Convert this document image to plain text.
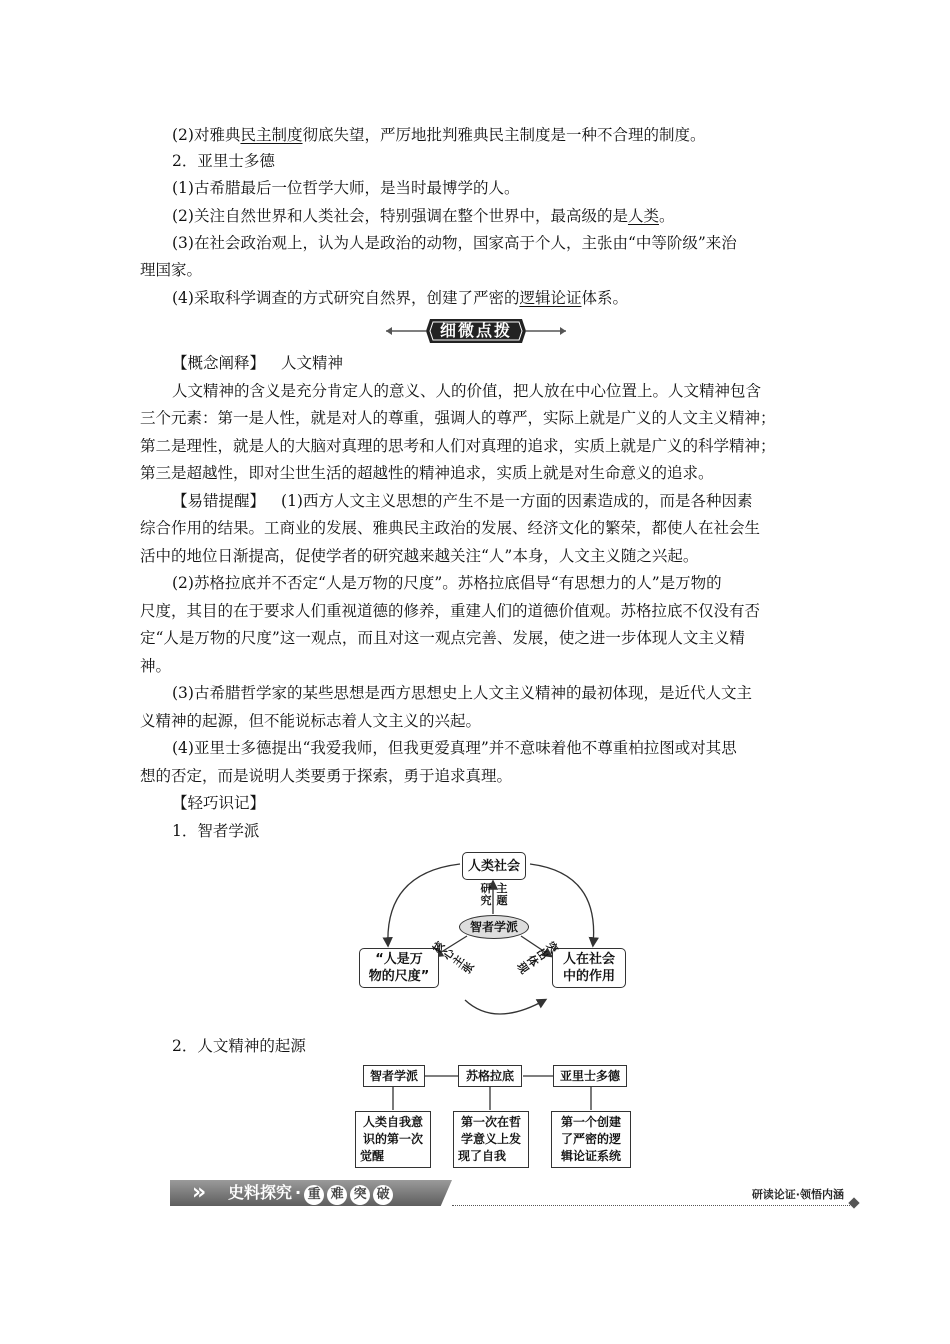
(2)对雅典民主制度彻底失望，严厉地批判雅典民主制度是一种不合理的制度。
2．亚里士多德
(1)古希腊最后一位哲学大师，是当时最博学的人。
(2)关注自然世界和人类社会，特别强调在整个世界中，最高级的是人类。
(3)在社会政治观上，认为人是政治的动物，国家高于个人，主张由“中等阶级”来治
理国家。
(4)采取科学调查的方式研究自然界，创建了严密的逻辑论证体系。
细微点拨
【概念阐释】 人文精神
人文精神的含义是充分肯定人的意义、人的价值，把人放在中心位置上。人文精神包含
三个元素：第一是人性，就是对人的尊重，强调人的尊严，实际上就是广义的人文主义精神；
第二是理性，就是人的大脑对真理的思考和人们对真理的追求，实质上就是广义的科学精神；
第三是超越性，即对尘世生活的超越性的精神追求，实质上就是对生命意义的追求。
【易错提醒】 (1)西方人文主义思想的产生不是一方面的因素造成的，而是各种因素
综合作用的结果。工商业的发展、雅典民主政治的发展、经济文化的繁荣，都使人在社会生
活中的地位日渐提高，促使学者的研究越来越关注“人”本身，人文主义随之兴起。
(2)苏格拉底并不否定“人是万物的尺度”。苏格拉底倡导“有思想力的人”是万物的
尺度，其目的在于要求人们重视道德的修养，重建人们的道德价值观。苏格拉底不仅没有否
定“人是万物的尺度”这一观点，而且对这一观点完善、发展，使之进一步体现人文主义精
神。
(3)古希腊哲学家的某些思想是西方思想史上人文主义精神的最初体现，是近代人文主
义精神的起源，但不能说标志着人文主义的兴起。
(4)亚里士多德提出“我爱我师，但我更爱真理”并不意味着他不尊重柏拉图或对其思
想的否定，而是说明人类要勇于探索，勇于追求真理。
【轻巧识记】
1．智者学派
人类社会
智者学派
“人是万
物的尺度”
人在社会
中的作用
研究
主题
核心主张
突出体现
2．人文精神的起源
智者学派	苏格拉底	亚里士多德
人类自我意
识的第一次
觉醒
第一次在哲
学意义上发
现了自我
第一个创建
了严密的逻
辑论证系统
» 史料探究 · 重 难 突 破	研读论证·领悟内涵
